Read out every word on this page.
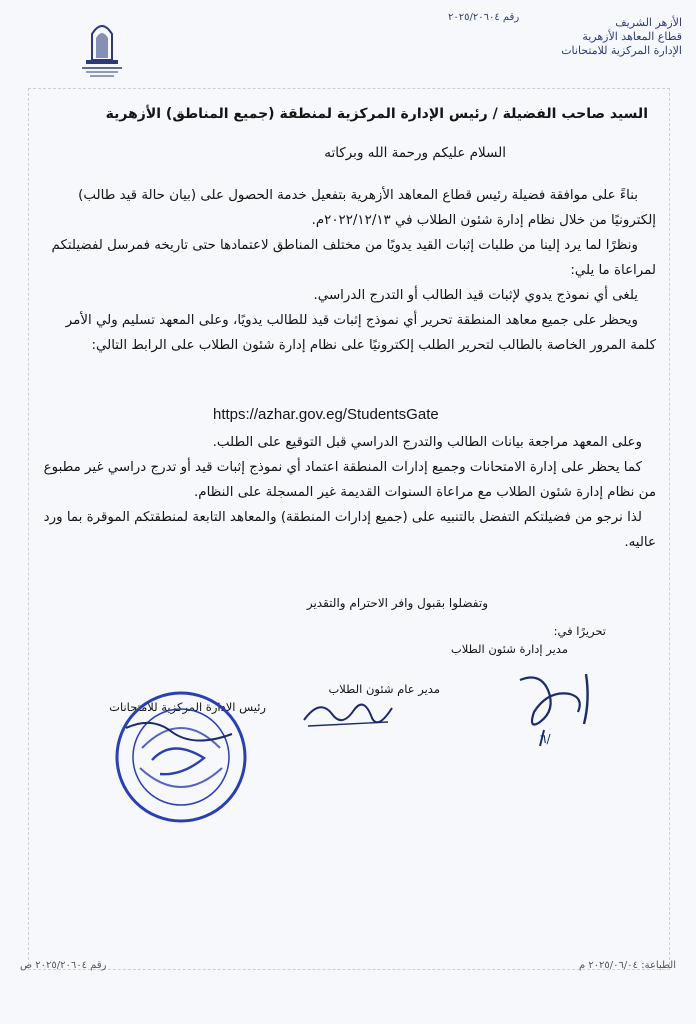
الأزهر الشريف
قطاع المعاهد الأزهرية
الإدارة المركزية للامتحانات
رقم ٢٠٢٥/٢٠٦٠٤
السيد صاحب الفضيلة / رئيس الإدارة المركزية لمنطقة (جميع المناطق) الأزهرية
السلام عليكم ورحمة الله وبركاته

بناءً على موافقة فضيلة رئيس قطاع المعاهد الأزهرية بتفعيل خدمة الحصول على (بيان حالة قيد طالب) إلكترونيًا من خلال نظام إدارة شئون الطلاب في ٢٠٢٢/١٢/١٣م.

ونظرًا لما يرد إلينا من طلبات إثبات القيد يدويًا من مختلف المناطق لاعتمادها حتى تاريخه فمرسل لفضيلتكم لمراعاة ما يلي:

يلغى أي نموذج يدوي لإثبات قيد الطالب أو التدرج الدراسي.

ويحظر على جميع معاهد المنطقة تحرير أي نموذج إثبات قيد للطالب يدويًا، وعلى المعهد تسليم ولي الأمر كلمة المرور الخاصة بالطالب لتحرير الطلب إلكترونيًا على نظام إدارة شئون الطلاب على الرابط التالي:

https://azhar.gov.eg/StudentsGate

وعلى المعهد مراجعة بيانات الطالب والتدرج الدراسي قبل التوقيع على الطلب.

كما يحظر على إدارة الامتحانات وجميع إدارات المنطقة اعتماد أي نموذج إثبات قيد أو تدرج دراسي غير مطبوع من نظام إدارة شئون الطلاب مع مراعاة السنوات القديمة غير المسجلة على النظام.

لذا نرجو من فضيلتكم التفضل بالتنبيه على (جميع إدارات المنطقة) والمعاهد التابعة لمنطقتكم الموقرة بما ورد عاليه.

وتفضلوا بقبول وافر الاحترام والتقدير
تحريرًا في:
مدير إدارة شئون الطلاب
مدير عام شئون الطلاب
رئيس الإدارة المركزية للامتحانات
٦/
الطباعة: ٢٠٢٥/٠٦/٠٤ م
رقم ٢٠٢٥/٢٠٦٠٤ ص
